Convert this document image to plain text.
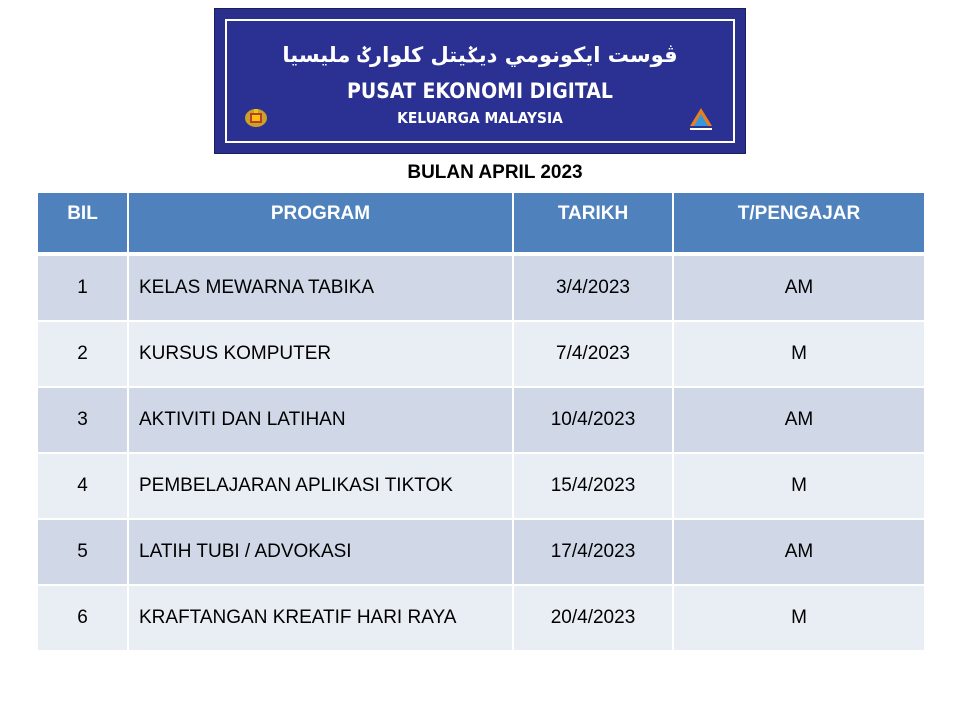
ڤوست ايكونومي ديݢيتل كلوارݢ مليسيا
PUSAT EKONOMI DIGITAL
KELUARGA MALAYSIA
BULAN APRIL 2023
BIL	PROGRAM	TARIKH	T/PENGAJAR
1	KELAS MEWARNA TABIKA	3/4/2023	AM
2	KURSUS KOMPUTER	7/4/2023	M
3	AKTIVITI DAN LATIHAN	10/4/2023	AM
4	PEMBELAJARAN APLIKASI TIKTOK	15/4/2023	M
5	LATIH TUBI / ADVOKASI	17/4/2023	AM
6	KRAFTANGAN KREATIF HARI RAYA	20/4/2023	M
